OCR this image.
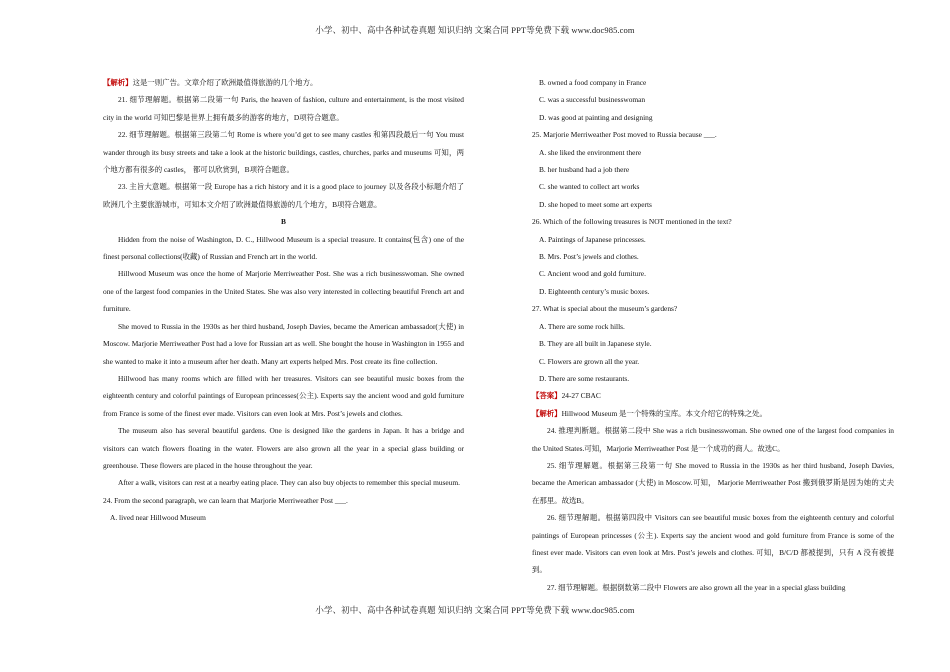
小学、初中、高中各种试卷真题 知识归纳 文案合同 PPT等免费下载 www.doc985.com
【解析】这是一则广告。文章介绍了欧洲最值得旅游的几个地方。
21. 细节理解题。根据第二段第一句 Paris, the heaven of fashion, culture and entertainment, is the most visited city in the world 可知巴黎是世界上拥有最多的游客的地方，D项符合题意。
22. 细节理解题。根据第三段第二句 Rome is where you’d get to see many castles 和第四段最后一句 You must wander through its busy streets and take a look at the historic buildings, castles, churches, parks and museums 可知，两个地方都有很多的 castles， 都可以欣赏到，B项符合题意。
23. 主旨大意题。根据第一段 Europe has a rich history and it is a good place to journey 以及各段小标题介绍了欧洲几个主要旅游城市，可知本文介绍了欧洲最值得旅游的几个地方，B项符合题意。
B
Hidden from the noise of Washington, D. C., Hillwood Museum is a special treasure. It contains(包含) one of the finest personal collections(收藏) of Russian and French art in the world.
Hillwood Museum was once the home of Marjorie Merriweather Post. She was a rich businesswoman. She owned one of the largest food companies in the United States. She was also very interested in collecting beautiful French art and furniture.
She moved to Russia in the 1930s as her third husband, Joseph Davies, became the American ambassador(大使) in Moscow. Marjorie Merriweather Post had a love for Russian art as well. She bought the house in Washington in 1955 and she wanted to make it into a museum after her death. Many art experts helped Mrs. Post create its fine collection.
Hillwood has many rooms which are filled with her treasures. Visitors can see beautiful music boxes from the eighteenth century and colorful paintings of European princesses(公主). Experts say the ancient wood and gold furniture from France is some of the finest ever made. Visitors can even look at Mrs. Post’s jewels and clothes.
The museum also has several beautiful gardens. One is designed like the gardens in Japan. It has a bridge and visitors can watch flowers floating in the water. Flowers are also grown all the year in a special glass building or greenhouse. These flowers are placed in the house throughout the year.
After a walk, visitors can rest at a nearby eating place. They can also buy objects to remember this special museum.
24. From the second paragraph, we can learn that Marjorie Merriweather Post ___.
A. lived near Hillwood Museum
B. owned a food company in France
C. was a successful businesswoman
D. was good at painting and designing
25. Marjorie Merriweather Post moved to Russia because ___.
A. she liked the environment there
B. her husband had a job there
C. she wanted to collect art works
D. she hoped to meet some art experts
26. Which of the following treasures is NOT mentioned in the text?
A. Paintings of Japanese princesses.
B. Mrs. Post’s jewels and clothes.
C. Ancient wood and gold furniture.
D. Eighteenth century’s music boxes.
27. What is special about the museum’s gardens?
A. There are some rock hills.
B. They are all built in Japanese style.
C. Flowers are grown all the year.
D. There are some restaurants.
【答案】24-27 CBAC
【解析】Hillwood Museum 是一个特殊的宝库。本文介绍它的特殊之处。
24. 推理判断题。根据第二段中 She was a rich businesswoman. She owned one of the largest food companies in the United States.可知，Marjorie Merriweather Post 是一个成功的商人。故选C。
25. 细节理解题。根据第三段第一句 She moved to Russia in the 1930s as her third husband, Joseph Davies, became the American ambassador (大使) in Moscow.可知， Marjorie Merriweather Post 搬到俄罗斯是因为她的丈夫在那里。故选B。
26. 细节理解题。根据第四段中 Visitors can see beautiful music boxes from the eighteenth century and colorful paintings of European princesses (公主). Experts say the ancient wood and gold furniture from France is some of the finest ever made. Visitors can even look at Mrs. Post’s jewels and clothes. 可知，B/C/D 都被提到，只有 A 没有被提到。
27. 细节理解题。根据倒数第二段中 Flowers are also grown all the year in a special glass building
小学、初中、高中各种试卷真题 知识归纳 文案合同 PPT等免费下载 www.doc985.com
